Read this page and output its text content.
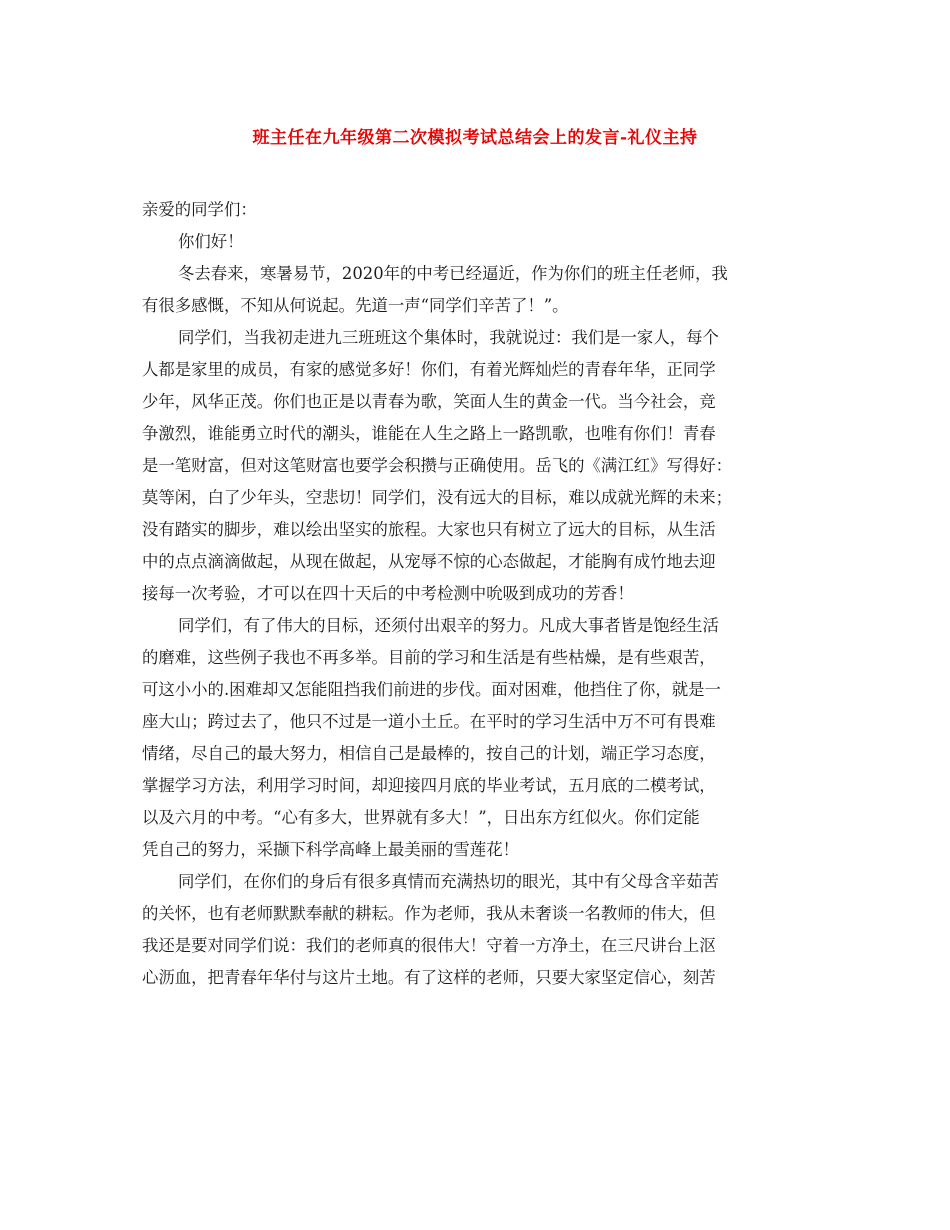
班主任在九年级第二次模拟考试总结会上的发言-礼仪主持

亲爱的同学们：

你们好！

冬去春来，寒暑易节，2020年的中考已经逼近，作为你们的班主任老师，我

有很多感慨，不知从何说起。先道一声“同学们辛苦了！”。

同学们，当我初走进九三班班这个集体时，我就说过：我们是一家人，每个

人都是家里的成员，有家的感觉多好！你们，有着光辉灿烂的青春年华，正同学

少年，风华正茂。你们也正是以青春为歌，笑面人生的黄金一代。当今社会，竞

争激烈，谁能勇立时代的潮头，谁能在人生之路上一路凯歌，也唯有你们！青春

是一笔财富，但对这笔财富也要学会积攒与正确使用。岳飞的《满江红》写得好：

莫等闲，白了少年头，空悲切！同学们，没有远大的目标，难以成就光辉的未来；

没有踏实的脚步，难以绘出坚实的旅程。大家也只有树立了远大的目标，从生活

中的点点滴滴做起，从现在做起，从宠辱不惊的心态做起，才能胸有成竹地去迎

接每一次考验，才可以在四十天后的中考检测中吮吸到成功的芳香！

同学们，有了伟大的目标，还须付出艰辛的努力。凡成大事者皆是饱经生活

的磨难，这些例子我也不再多举。目前的学习和生活是有些枯燥，是有些艰苦，

可这小小的.困难却又怎能阻挡我们前进的步伐。面对困难，他挡住了你，就是一

座大山；跨过去了，他只不过是一道小土丘。在平时的学习生活中万不可有畏难

情绪，尽自己的最大努力，相信自己是最棒的，按自己的计划，端正学习态度，

掌握学习方法，利用学习时间，却迎接四月底的毕业考试，五月底的二模考试，

以及六月的中考。“心有多大，世界就有多大！”，日出东方红似火。你们定能

凭自己的努力，采撷下科学高峰上最美丽的雪莲花！

同学们，在你们的身后有很多真情而充满热切的眼光，其中有父母含辛茹苦

的关怀，也有老师默默奉献的耕耘。作为老师，我从未奢谈一名教师的伟大，但

我还是要对同学们说：我们的老师真的很伟大！守着一方净土，在三尺讲台上沤

心沥血，把青春年华付与这片土地。有了这样的老师，只要大家坚定信心，刻苦
